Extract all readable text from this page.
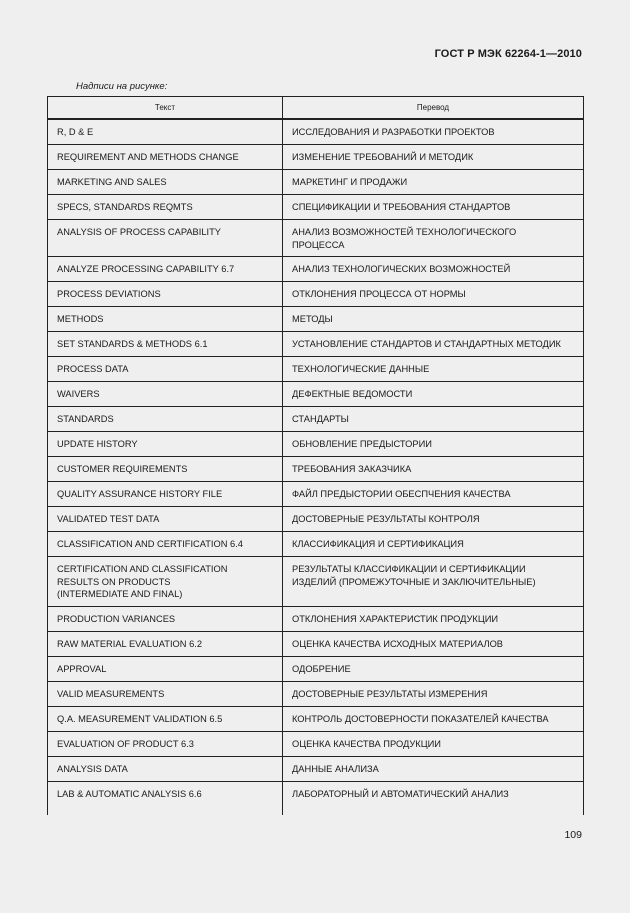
ГОСТ Р МЭК 62264-1—2010
Надписи на рисунке:
Текст	Перевод
R, D & E	ИССЛЕДОВАНИЯ И РАЗРАБОТКИ ПРОЕКТОВ
REQUIREMENT AND METHODS CHANGE	ИЗМЕНЕНИЕ ТРЕБОВАНИЙ И МЕТОДИК
MARKETING AND SALES	МАРКЕТИНГ И ПРОДАЖИ
SPECS, STANDARDS REQMTS	СПЕЦИФИКАЦИИ И ТРЕБОВАНИЯ СТАНДАРТОВ
ANALYSIS OF PROCESS CAPABILITY	АНАЛИЗ ВОЗМОЖНОСТЕЙ ТЕХНОЛОГИЧЕСКОГО
ПРОЦЕССА
ANALYZE PROCESSING CAPABILITY 6.7	АНАЛИЗ ТЕХНОЛОГИЧЕСКИХ ВОЗМОЖНОСТЕЙ
PROCESS DEVIATIONS	ОТКЛОНЕНИЯ ПРОЦЕССА ОТ НОРМЫ
METHODS	МЕТОДЫ
SET STANDARDS & METHODS 6.1	УСТАНОВЛЕНИЕ СТАНДАРТОВ И СТАНДАРТНЫХ МЕТОДИК
PROCESS DATA	ТЕХНОЛОГИЧЕСКИЕ ДАННЫЕ
WAIVERS	ДЕФЕКТНЫЕ ВЕДОМОСТИ
STANDARDS	СТАНДАРТЫ
UPDATE HISTORY	ОБНОВЛЕНИЕ ПРЕДЫСТОРИИ
CUSTOMER REQUIREMENTS	ТРЕБОВАНИЯ ЗАКАЗЧИКА
QUALITY ASSURANCE HISTORY FILE	ФАЙЛ ПРЕДЫСТОРИИ ОБЕСПЧЕНИЯ КАЧЕСТВА
VALIDATED TEST DATA	ДОСТОВЕРНЫЕ РЕЗУЛЬТАТЫ КОНТРОЛЯ
CLASSIFICATION AND CERTIFICATION 6.4	КЛАССИФИКАЦИЯ И СЕРТИФИКАЦИЯ
CERTIFICATION AND CLASSIFICATION
RESULTS ON PRODUCTS
(INTERMEDIATE AND FINAL)	РЕЗУЛЬТАТЫ КЛАССИФИКАЦИИ И СЕРТИФИКАЦИИ
ИЗДЕЛИЙ (ПРОМЕЖУТОЧНЫЕ И ЗАКЛЮЧИТЕЛЬНЫЕ)
PRODUCTION VARIANCES	ОТКЛОНЕНИЯ ХАРАКТЕРИСТИК ПРОДУКЦИИ
RAW MATERIAL EVALUATION 6.2	ОЦЕНКА КАЧЕСТВА ИСХОДНЫХ МАТЕРИАЛОВ
APPROVAL	ОДОБРЕНИЕ
VALID MEASUREMENTS	ДОСТОВЕРНЫЕ РЕЗУЛЬТАТЫ ИЗМЕРЕНИЯ
Q.A. MEASUREMENT VALIDATION 6.5	КОНТРОЛЬ ДОСТОВЕРНОСТИ ПОКАЗАТЕЛЕЙ КАЧЕСТВА
EVALUATION OF PRODUCT 6.3	ОЦЕНКА КАЧЕСТВА ПРОДУКЦИИ
ANALYSIS DATA	ДАННЫЕ АНАЛИЗА
LAB & AUTOMATIC ANALYSIS 6.6	ЛАБОРАТОРНЫЙ И АВТОМАТИЧЕСКИЙ АНАЛИЗ
109
